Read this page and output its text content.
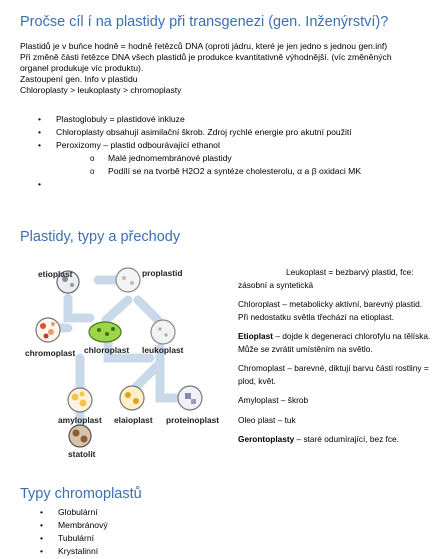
Pročse cíl í na plastidy při transgenezi (gen. Inženýrství)?
Plastidů je v buňce hodně = hodně řetězců DNA (oproti jádru, které je jen jedno s jednou gen.inf)
Při změně části řetězce DNA všech plastidů je produkce kvantitativně výhodnější. (víc změněných
organel produkuje víc produktu).
Zastoupení gen. Info v plastidu
Chloroplasty > leukoplasty > chromoplasty
• Plastoglobuly = plastidové inkluze
• Chloroplasty obsahují asimilační škrob. Zdroj rychlé energie pro akutní použití
• Peroxizomy – plastid odbourávající ethanol
o Malé jednomembránové plastidy
o Podílí se na tvorbě H2O2 a syntéze cholesterolu, α a β oxidaci MK
•
Plastidy, typy a přechody
etioplast	proplastid
chromoplast chloroplast leukoplast
amyloplast elaioplast proteinoplast
statolit

Leukoplast = bezbarvý plastid, fce:
zásobní a syntetická

Chloroplast – metabolicky aktivní, barevný plastid. Při nedostatku světla třechází na etioplast.

Etioplast – dojde k degeneraci chlorofylu na tělíska. Může se zvrátit umístěním na světlo.

Chromoplast – barevné, diktují barvu části rostliny = plod, květ.

Amyloplast – škrob

Oleo plast – tuk

Gerontoplasty – staré odumírající, bez fce.

Typy chromoplastů
• Globulární
• Membránový
• Tubulární
• Krystalinní
